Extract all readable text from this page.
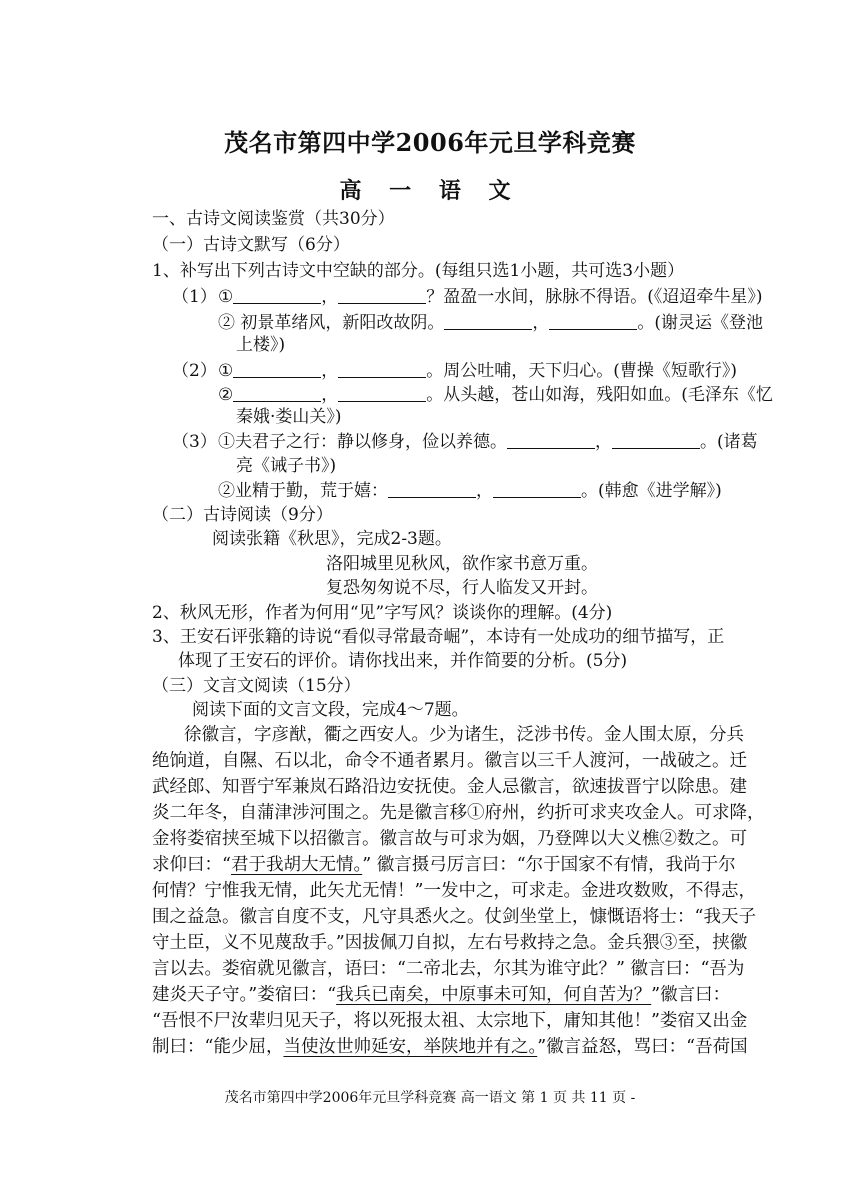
茂名市第四中学2006年元旦学科竞赛
高 一 语 文
一、古诗文阅读鉴赏（共30分）
（一）古诗文默写（6分）
1、补写出下列古诗文中空缺的部分。(每组只选1小题，共可选3小题）
（1） ①	，	？盈盈一水间，脉脉不得语。(《迢迢牵牛星》)
② 初景革绪风，新阳改故阴。	，	。(谢灵运《登池
上楼》)
（2） ①	，	。周公吐哺，天下归心。(曹操《短歌行》)
②	，	。从头越，苍山如海，残阳如血。(毛泽东《忆
秦娥·娄山关》)
（3） ①夫君子之行：静以修身，俭以养德。	，	。(诸葛
亮《诫子书》)
②业精于勤，荒于嬉：	，	。(韩愈《进学解》)
（二）古诗阅读（9分）
阅读张籍《秋思》，完成2-3题。
洛阳城里见秋风，欲作家书意万重。
复恐匆匆说不尽，行人临发又开封。
2、秋风无形，作者为何用“见”字写风？谈谈你的理解。(4分)
3、王安石评张籍的诗说“看似寻常最奇崛”，本诗有一处成功的细节描写，正
体现了王安石的评价。请你找出来，并作简要的分析。(5分)
（三）文言文阅读（15分）
阅读下面的文言文段，完成4～7题。
徐徽言，字彦猷，衢之西安人。少为诸生，泛涉书传。金人围太原，分兵
绝饷道，自隰、石以北，命令不通者累月。徽言以三千人渡河，一战破之。迁
武经郎、知晋宁军兼岚石路沿边安抚使。金人忌徽言，欲速拔晋宁以除患。建
炎二年冬，自蒲津涉河围之。先是徽言移①府州，约折可求夹攻金人。可求降，
金将娄宿挟至城下以招徽言。徽言故与可求为姻，乃登陴以大义樵②数之。可
求仰曰：“君于我胡大无情。” 徽言摄弓厉言曰：“尔于国家不有情，我尚于尔
何情？宁惟我无情，此矢尤无情！”一发中之，可求走。金进攻数败，不得志，
围之益急。徽言自度不支，凡守具悉火之。仗剑坐堂上，慷慨语将士：“我天子
守土臣，义不见蔑敌手。”因拔佩刀自拟，左右号救持之急。金兵猥③至，挟徽
言以去。娄宿就见徽言，语曰：“二帝北去，尔其为谁守此？” 徽言曰：“吾为
建炎天子守。”娄宿曰：“我兵已南矣，中原事未可知，何自苦为？”徽言曰：
“吾恨不尸汝辈归见天子，将以死报太祖、太宗地下，庸知其他！”娄宿又出金
制曰：“能少屈，当使汝世帅延安，举陕地并有之。”徽言益怒，骂曰：“吾荷国
茂名市第四中学2006年元旦学科竞赛 高一语文 第 1 页 共 11 页 -
